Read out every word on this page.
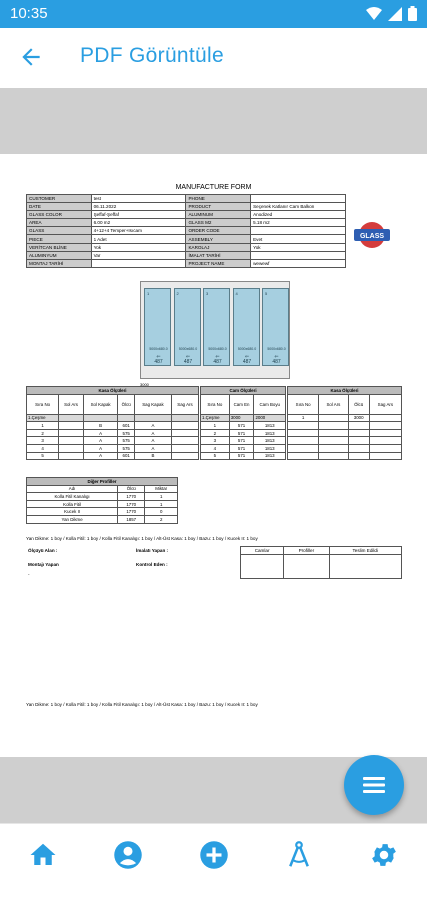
10:35
PDF Görüntüle
MANUFACTURE FORM
CUSTOMER	test	PHONE	
DATE	06.11.2022	PRODUCT	Seçenek Katlanır Cam Balkon
GLASS COLOR	Şeffaf-Şeffaf	ALUMINUM	Anodized
AREA	6.00 m2	GLASS M2	5.18 m2
GLASS	4+12+4 Temper+Isıcam	ORDER CODE	
PIECE	1 Adet	ASSEMBLY	Evet
VERİTCAN BLİNE	Yok	KAROLAJ	Yok
ALUMINYUM	Var	İMALAT TARİHİ	
MONTAJ TARİHİ		PROJECT NAME	wewewf
GLASS
1
5000x680.0
⇐
487
2
5000x680.0
⇐
487
3
5000x680.0
⇐
487
4
5000x680.0
⇐
487
5
5000x680.0
⇐
487
3000
Kasa Ölçüleri					
Sıra No	Sol Ars	Sol Kapak	Ölcü	Sag Kapak	Sag Ars
1.Çeşme					
1		B	601	A	
2		A	575	A	
3		A	575	A	
4		A	575	A	
5		A	601	B	
Cam Ölçüleri		
Sıra No	Cam En	Cam Boyu
1.Çeşme	3000	2000
1	571	1813
2	571	1813
3	571	1813
4	571	1813
5	571	1813
Kasa Ölçüleri			
Sıra No	Sol Ars	Ölcü	Sag Ars
1		3000	

Diğer Profiller		
Adı	Ölcü	Miktar
Kolla Fitil Kanalıgı	1770	1
Kolla Fitil	1770	1
Kucek II	1770	0
Yan Dikme	1857	2
Yan Dikme: 1 boy / Kolla Fitil: 1 boy / Kolla Fitil Kanalıgı: 1 boy / Alt-Üst Kasa: 1 boy / Bazu: 1 boy / Kucek II: 1 boy
Ölçüyü Alan :	İmalatı Yapan :
Montajı Yapan	Kontrol Eden :
-
Camlar	Profiller	Teslim Edildi

Yan Dikme: 1 boy / Kolla Fitil: 1 boy / Kolla Fitil Kanalıgı: 1 boy / Alt-Üst Kasa: 1 boy / Bazu: 1 boy / Kucek II: 1 boy
